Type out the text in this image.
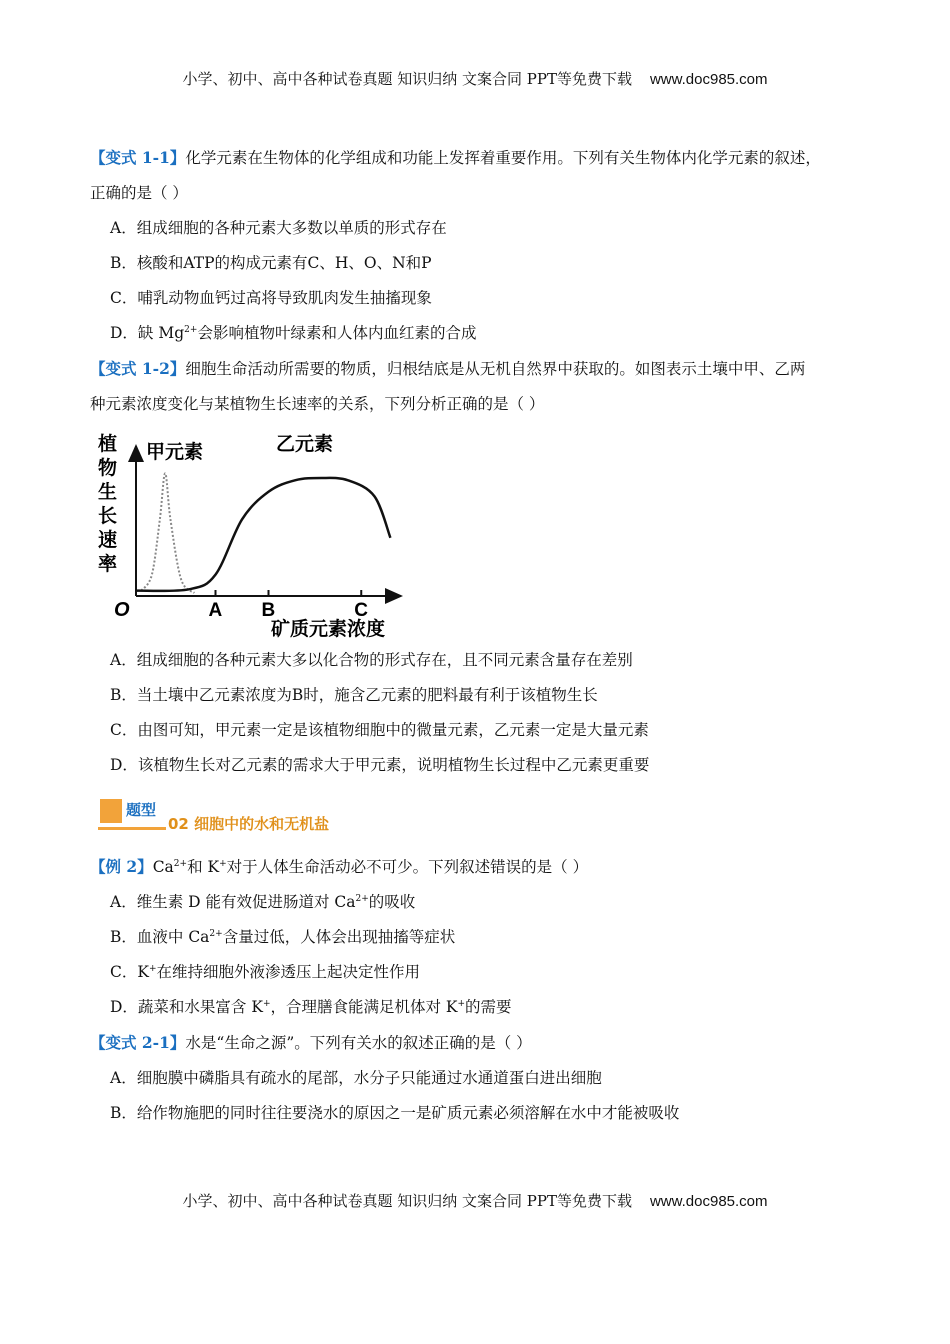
小学、初中、高中各种试卷真题 知识归纳 文案合同 PPT等免费下载 www.doc985.com

【变式 1-1】化学元素在生物体的化学组成和功能上发挥着重要作用。下列有关生物体内化学元素的叙述，

正确的是（ ）

A．组成细胞的各种元素大多数以单质的形式存在

B．核酸和ATP的构成元素有C、H、O、N和P

C．哺乳动物血钙过高将导致肌肉发生抽搐现象

D．缺 $Mg^{2+}$会影响植物叶绿素和人体内血红素的合成

【变式 1-2】细胞生命活动所需要的物质，归根结底是从无机自然界中获取的。如图表示土壤中甲、乙两

种元素浓度变化与某植物生长速率的关系，下列分析正确的是（ ）

植
物
生
长
速
率
O	A B	C
甲元素	乙元素
矿质元素浓度

A．组成细胞的各种元素大多以化合物的形式存在，且不同元素含量存在差别

B．当土壤中乙元素浓度为B时，施含乙元素的肥料最有利于该植物生长

C．由图可知，甲元素一定是该植物细胞中的微量元素，乙元素一定是大量元素

D．该植物生长对乙元素的需求大于甲元素，说明植物生长过程中乙元素更重要

题型
02 细胞中的水和无机盐

【例 2】$Ca^{2+}$和 K+对于人体生命活动必不可少。下列叙述错误的是（ ）

A．维生素 D 能有效促进肠道对 $Ca^{2+}$的吸收

B．血液中 $Ca^{2+}$含量过低，人体会出现抽搐等症状

C．K+在维持细胞外液渗透压上起决定性作用

D．蔬菜和水果富含 K+，合理膳食能满足机体对 K+的需要

【变式 2-1】水是“生命之源”。下列有关水的叙述正确的是（ ）

A．细胞膜中磷脂具有疏水的尾部，水分子只能通过水通道蛋白进出细胞

B．给作物施肥的同时往往要浇水的原因之一是矿质元素必须溶解在水中才能被吸收

小学、初中、高中各种试卷真题 知识归纳 文案合同 PPT等免费下载 www.doc985.com
